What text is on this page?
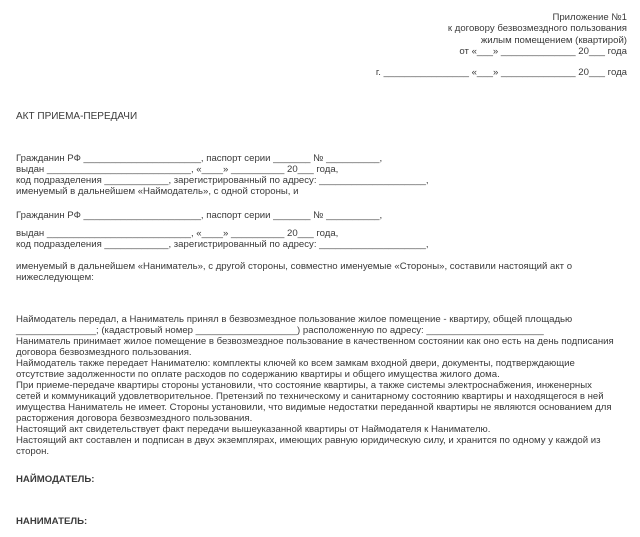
Приложение №1
к договору безвозмездного пользования
жилым помещением (квартирой)
от «___» ______________ 20___ года
г. ________________ «___» ______________ 20___ года
АКТ ПРИЕМА-ПЕРЕДАЧИ
Гражданин РФ ______________________, паспорт серии _______ № __________,
выдан ___________________________, «____» __________ 20___ года,
код подразделения ____________, зарегистрированный по адресу: ____________________,
именуемый в дальнейшем «Наймодатель», с одной стороны, и
Гражданин РФ ______________________, паспорт серии _______ № __________,
выдан ___________________________, «____» __________ 20___ года,
код подразделения ____________, зарегистрированный по адресу: ____________________,
именуемый в дальнейшем «Наниматель», с другой стороны, совместно именуемые «Стороны», составили настоящий акт о
нижеследующем:
Наймодатель передал, а Наниматель принял в безвозмездное пользование жилое помещение - квартиру, общей площадью
_______________; (кадастровый номер ___________________) расположенную по адресу: ______________________
Наниматель принимает жилое помещение в безвозмездное пользование в качественном состоянии как оно есть на день подписания
договора безвозмездного пользования.
Наймодатель также передает Нанимателю: комплекты ключей ко всем замкам входной двери, документы, подтверждающие
отсутствие задолженности по оплате расходов по содержанию квартиры и общего имущества жилого дома.
При приеме-передаче квартиры стороны установили, что состояние квартиры, а также системы электроснабжения, инженерных
сетей и коммуникаций удовлетворительное. Претензий по техническому и санитарному состоянию квартиры и находящегося в ней
имущества Наниматель не имеет. Стороны установили, что видимые недостатки переданной квартиры не являются основанием для
расторжения договора безвозмездного пользования.
Настоящий акт свидетельствует факт передачи вышеуказанной квартиры от Наймодателя к Нанимателю.
Настоящий акт составлен и подписан в двух экземплярах, имеющих равную юридическую силу, и хранится по одному у каждой из
сторон.
НАЙМОДАТЕЛЬ:
НАНИМАТЕЛЬ:
